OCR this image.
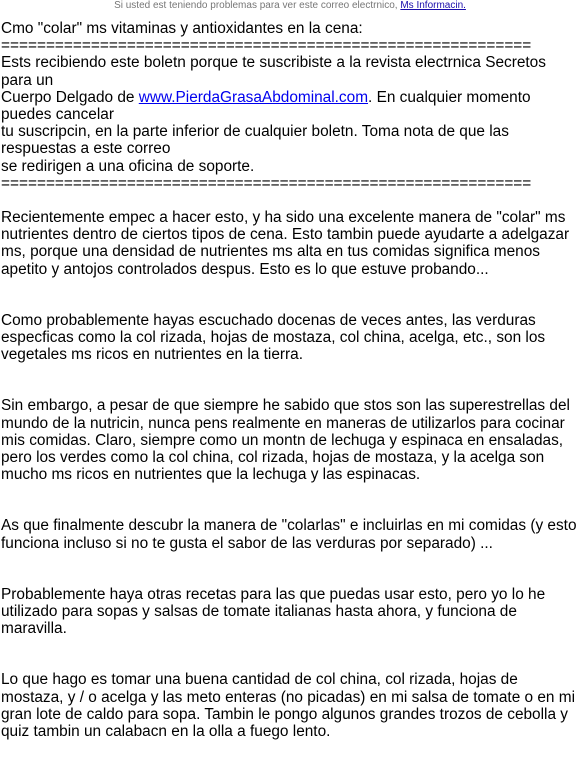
Si usted est teniendo problemas para ver este correo electrnico, Ms Informacin.
Cmo "colar" ms vitaminas y antioxidantes en la cena:
===========================================================
Ests recibiendo este boletn porque te suscribiste a la revista electrnica Secretos
para un
Cuerpo Delgado de www.PierdaGrasaAbdominal.com. En cualquier momento
puedes cancelar
tu suscripcin, en la parte inferior de cualquier boletn. Toma nota de que las
respuestas a este correo
se redirigen a una oficina de soporte.
===========================================================
Recientemente empec a hacer esto, y ha sido una excelente manera de "colar" ms
nutrientes dentro de ciertos tipos de cena. Esto tambin puede ayudarte a adelgazar
ms, porque una densidad de nutrientes ms alta en tus comidas significa menos
apetito y antojos controlados despus. Esto es lo que estuve probando...
Como probablemente hayas escuchado docenas de veces antes, las verduras
especficas como la col rizada, hojas de mostaza, col china, acelga, etc., son los
vegetales ms ricos en nutrientes en la tierra.
Sin embargo, a pesar de que siempre he sabido que stos son las superestrellas del
mundo de la nutricin, nunca pens realmente en maneras de utilizarlos para cocinar
mis comidas. Claro, siempre como un montn de lechuga y espinaca en ensaladas,
pero los verdes como la col china, col rizada, hojas de mostaza, y la acelga son
mucho ms ricos en nutrientes que la lechuga y las espinacas.
As que finalmente descubr la manera de "colarlas" e incluirlas en mi comidas (y esto
funciona incluso si no te gusta el sabor de las verduras por separado) ...
Probablemente haya otras recetas para las que puedas usar esto, pero yo lo he
utilizado para sopas y salsas de tomate italianas hasta ahora, y funciona de
maravilla.
Lo que hago es tomar una buena cantidad de col china, col rizada, hojas de
mostaza, y / o acelga y las meto enteras (no picadas) en mi salsa de tomate o en mi
gran lote de caldo para sopa. Tambin le pongo algunos grandes trozos de cebolla y
quiz tambin un calabacn en la olla a fuego lento.
